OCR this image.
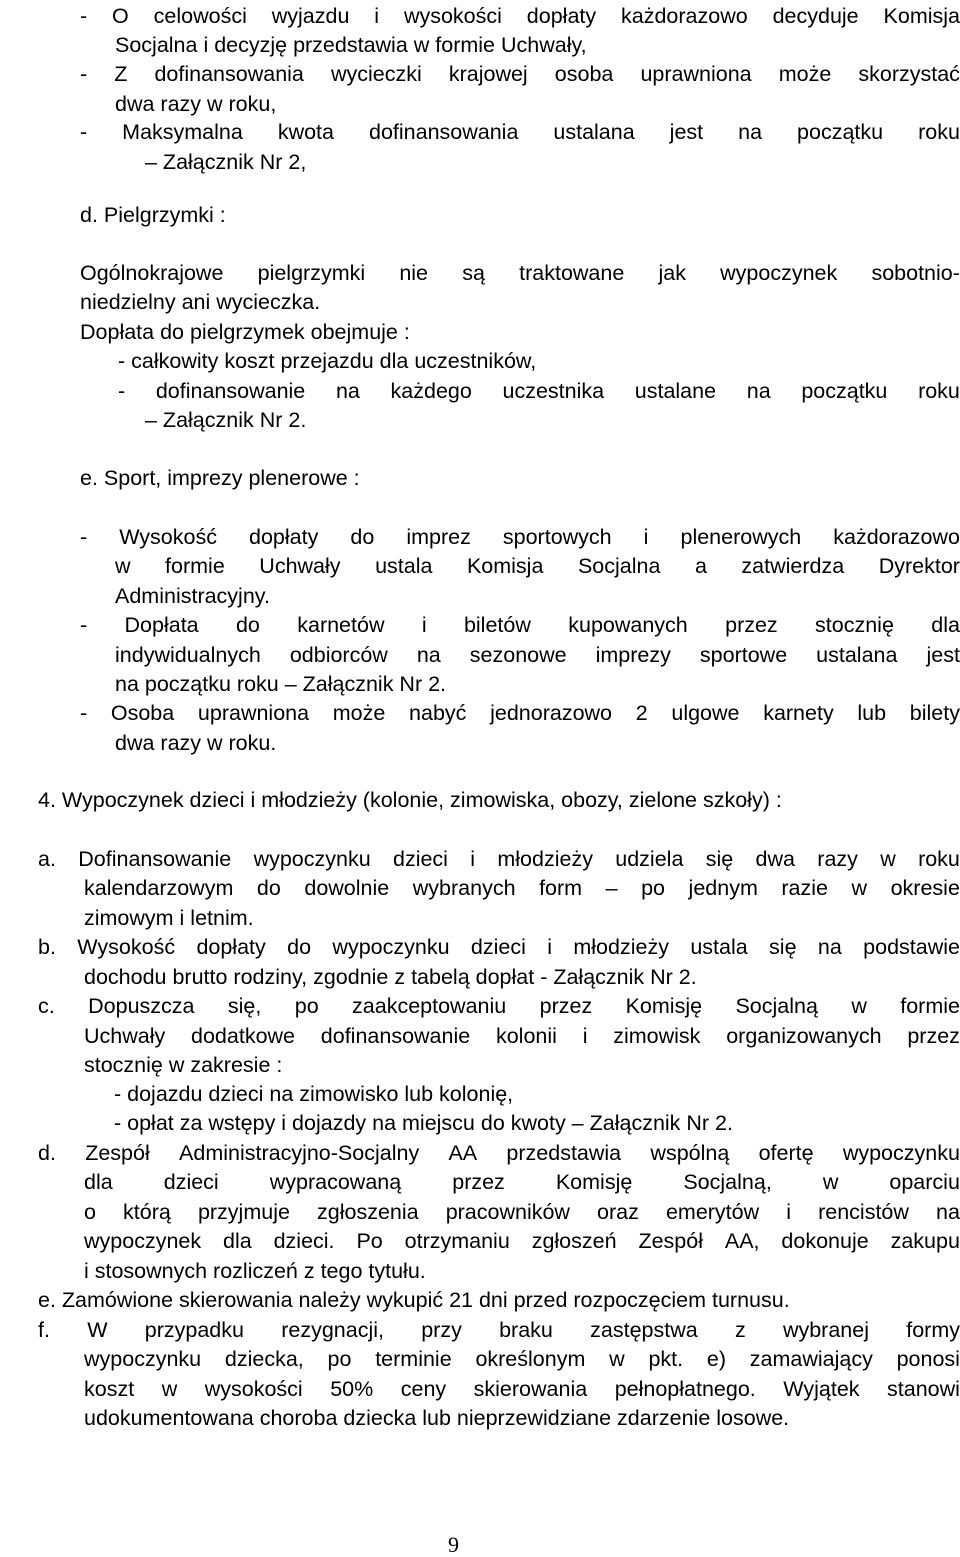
- O celowości wyjazdu i wysokości dopłaty każdorazowo decyduje Komisja
Socjalna i decyzję przedstawia w formie Uchwały,
- Z dofinansowania wycieczki krajowej osoba uprawniona może skorzystać
dwa razy w roku,
- Maksymalna kwota dofinansowania ustalana jest na początku roku
– Załącznik Nr 2,
d. Pielgrzymki :
Ogólnokrajowe pielgrzymki nie są traktowane jak wypoczynek sobotnio-
niedzielny ani wycieczka.
Dopłata do pielgrzymek obejmuje :
- całkowity koszt przejazdu dla uczestników,
- dofinansowanie na każdego uczestnika ustalane na początku roku
– Załącznik Nr 2.
e. Sport, imprezy plenerowe :
- Wysokość dopłaty do imprez sportowych i plenerowych każdorazowo
w formie Uchwały ustala Komisja Socjalna a zatwierdza Dyrektor
Administracyjny.
- Dopłata do karnetów i biletów kupowanych przez stocznię dla
indywidualnych odbiorców na sezonowe imprezy sportowe ustalana jest
na początku roku – Załącznik Nr 2.
- Osoba uprawniona może nabyć jednorazowo 2 ulgowe karnety lub bilety
dwa razy w roku.
4. Wypoczynek dzieci i młodzieży (kolonie, zimowiska, obozy, zielone szkoły) :
a. Dofinansowanie wypoczynku dzieci i młodzieży udziela się dwa razy w roku
kalendarzowym do dowolnie wybranych form – po jednym razie w okresie
zimowym i letnim.
b. Wysokość dopłaty do wypoczynku dzieci i młodzieży ustala się na podstawie
dochodu brutto rodziny, zgodnie z tabelą dopłat - Załącznik Nr 2.
c. Dopuszcza się, po zaakceptowaniu przez Komisję Socjalną w formie
Uchwały dodatkowe dofinansowanie kolonii i zimowisk organizowanych przez
stocznię w zakresie :
- dojazdu dzieci na zimowisko lub kolonię,
- opłat za wstępy i dojazdy na miejscu do kwoty – Załącznik Nr 2.
d. Zespół Administracyjno-Socjalny AA przedstawia wspólną ofertę wypoczynku
dla dzieci wypracowaną przez Komisję Socjalną, w oparciu
o którą przyjmuje zgłoszenia pracowników oraz emerytów i rencistów na
wypoczynek dla dzieci. Po otrzymaniu zgłoszeń Zespół AA, dokonuje zakupu
i stosownych rozliczeń z tego tytułu.
e. Zamówione skierowania należy wykupić 21 dni przed rozpoczęciem turnusu.
f. W przypadku rezygnacji, przy braku zastępstwa z wybranej formy
wypoczynku dziecka, po terminie określonym w pkt. e) zamawiający ponosi
koszt w wysokości 50% ceny skierowania pełnopłatnego. Wyjątek stanowi
udokumentowana choroba dziecka lub nieprzewidziane zdarzenie losowe.
9
